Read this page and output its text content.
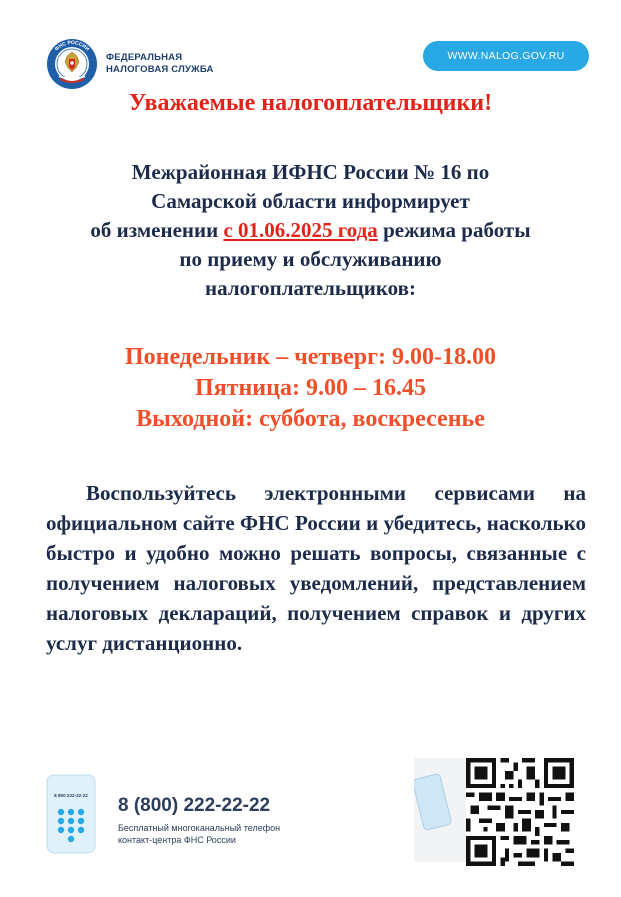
ФНС РОССИИ
ФЕДЕРАЛЬНАЯ
НАЛОГОВАЯ СЛУЖБА
WWW.NALOG.GOV.RU
Уважаемые налогоплательщики!
Межрайонная ИФНС России № 16 по
Самарской области информирует
об изменении с 01.06.2025 года режима работы
по приему и обслуживанию
налогоплательщиков:
Понедельник – четверг: 9.00-18.00
Пятница: 9.00 – 16.45
Выходной: суббота, воскресенье
Воспользуйтесь электронными сервисами на официальном сайте ФНС России и убедитесь, насколько быстро и удобно можно решать вопросы, связанные с получением налоговых уведомлений, представлением налоговых деклараций, получением справок и других услуг дистанционно.
8 800 222-22-22 8 (800) 222-22-22
Бесплатный многоканальный телефон
контакт-центра ФНС России
